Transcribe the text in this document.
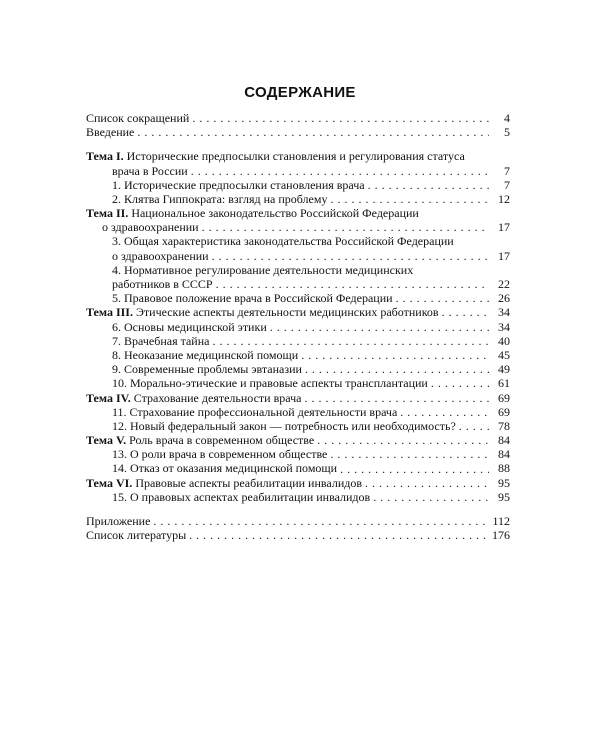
СОДЕРЖАНИЕ
Список сокращений . . .	4
Введение . . .	5
Тема I. Исторические предпосылки становления и регулирования статуса
врача в России . . .	7
1. Исторические предпосылки становления врача . . .	7
2. Клятва Гиппократа: взгляд на проблему . . .	12
Тема II. Национальное законодательство Российской Федерации
о здравоохранении . . .	17
3. Общая характеристика законодательства Российской Федерации
о здравоохранении . . .	17
4. Нормативное регулирование деятельности медицинских
работников в СССР . . .	22
5. Правовое положение врача в Российской Федерации . . .	26
Тема III. Этические аспекты деятельности медицинских работников . . .	34
6. Основы медицинской этики . . .	34
7. Врачебная тайна . . .	40
8. Неоказание медицинской помощи . . .	45
9. Современные проблемы эвтаназии . . .	49
10. Морально-этические и правовые аспекты трансплантации . . .	61
Тема IV. Страхование деятельности врача . . .	69
11. Страхование профессиональной деятельности врача . . .	69
12. Новый федеральный закон — потребность или необходимость? . . .	78
Тема V. Роль врача в современном обществе . . .	84
13. О роли врача в современном обществе . . .	84
14. Отказ от оказания медицинской помощи . . .	88
Тема VI. Правовые аспекты реабилитации инвалидов . . .	95
15. О правовых аспектах реабилитации инвалидов . . .	95
Приложение . . .	112
Список литературы . . .	176
